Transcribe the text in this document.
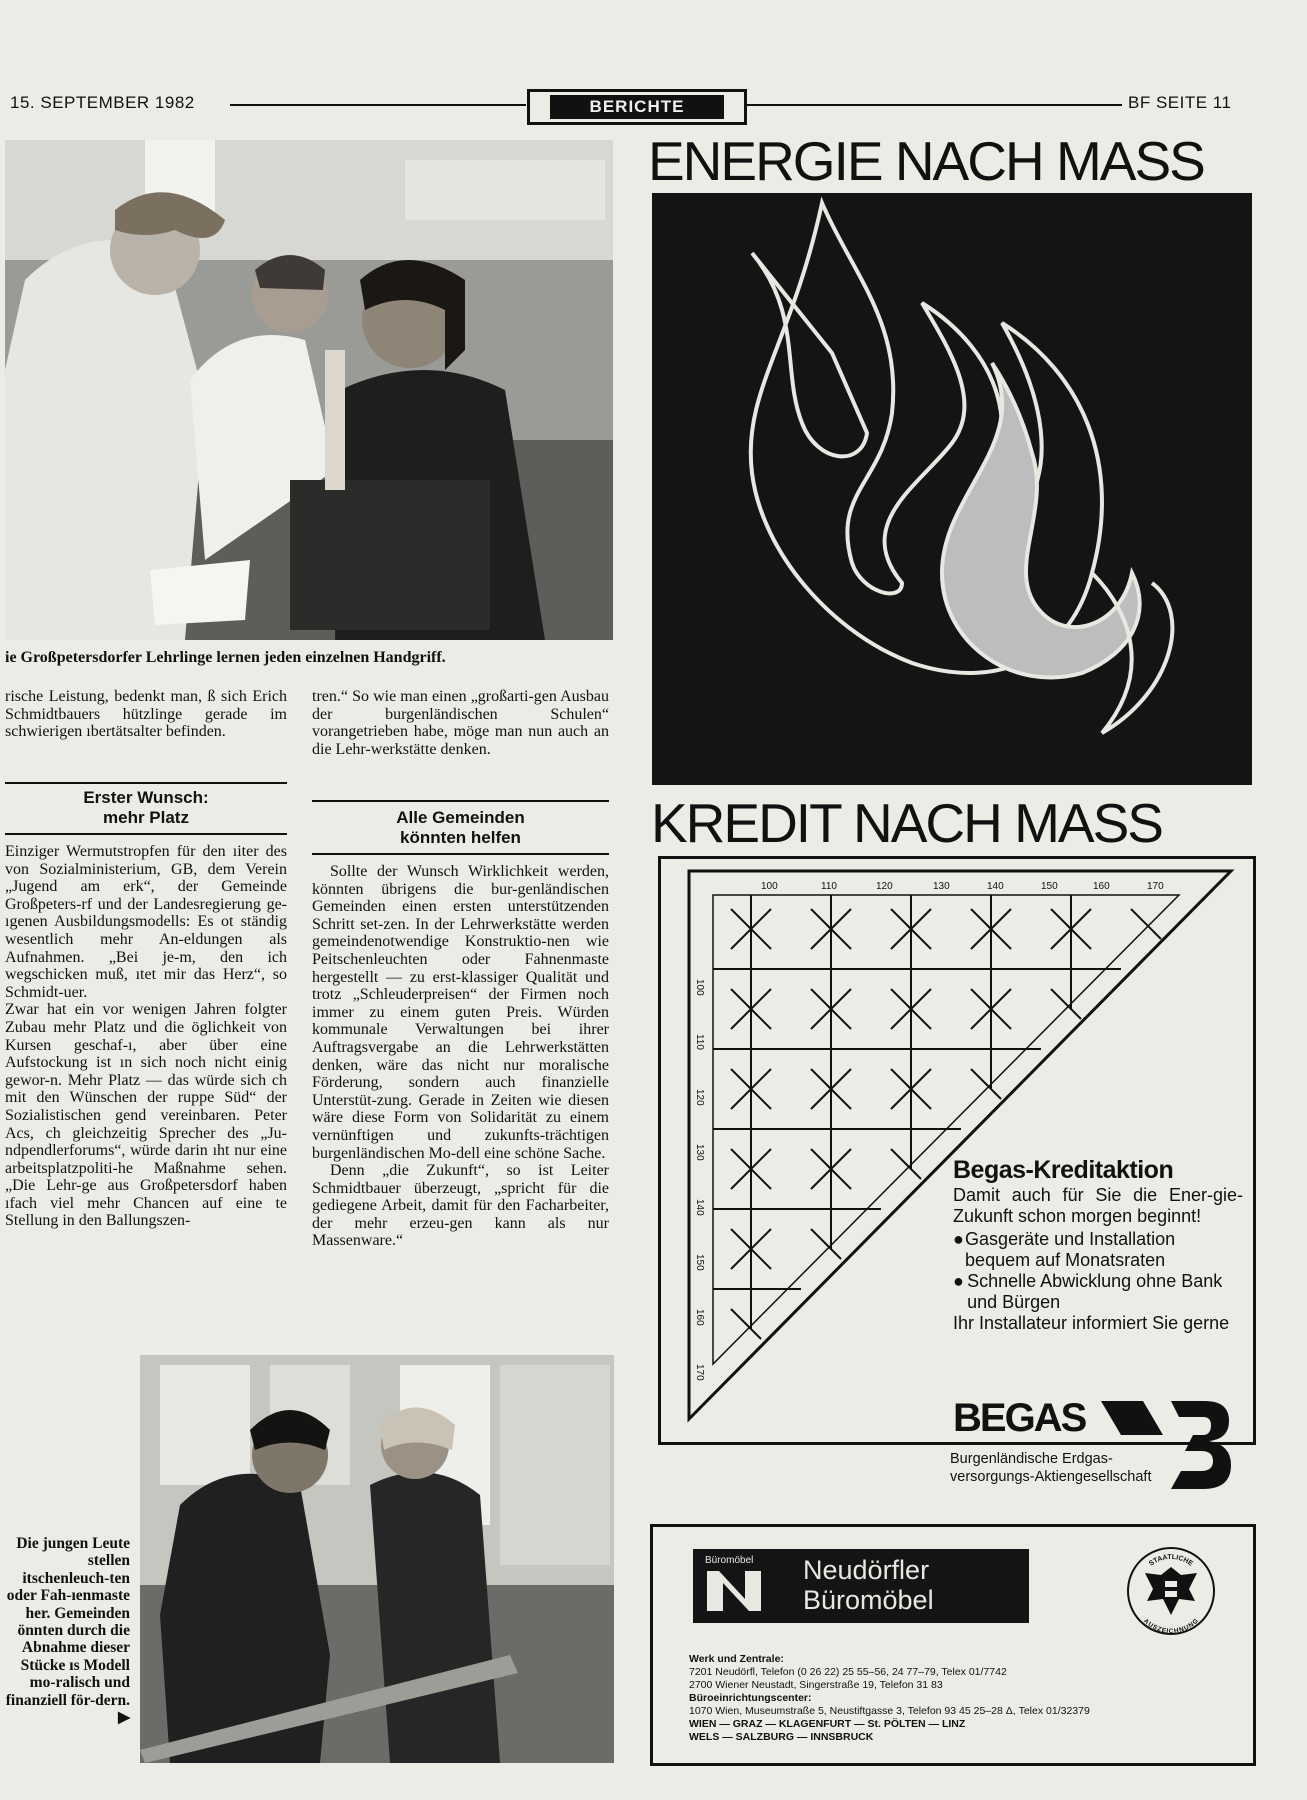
15. SEPTEMBER 1982	BERICHTE	BF SEITE 11
ie Großpetersdorfer Lehrlinge lernen jeden einzelnen Handgriff.

rische Leistung, bedenkt man, ß sich Erich Schmidtbauers hützlinge gerade im schwierigen ıbertätsalter befinden.

Erster Wunsch:
mehr Platz

Einziger Wermutstropfen für den ıiter des von Sozialministerium, GB, dem Verein „Jugend am erk“, der Gemeinde Großpeters-rf und der Landesregierung ge-ıgenen Ausbildungsmodells: Es ot ständig wesentlich mehr An-eldungen als Aufnahmen. „Bei je-m, den ich wegschicken muß, ıtet mir das Herz“, so Schmidt-uer.

Zwar hat ein vor wenigen Jahren folgter Zubau mehr Platz und die öglichkeit von Kursen geschaf-ı, aber über eine Aufstockung ist ın sich noch nicht einig gewor-n. Mehr Platz — das würde sich ch mit den Wünschen der ruppe Süd“ der Sozialistischen gend vereinbaren. Peter Acs, ch gleichzeitig Sprecher des „Ju-ndpendlerforums“, würde darin ıht nur eine arbeitsplatzpoliti-he Maßnahme sehen. „Die Lehr-ge aus Großpetersdorf haben ıfach viel mehr Chancen auf eine te Stellung in den Ballungszen-

tren.“ So wie man einen „großarti-gen Ausbau der burgenländischen Schulen“ vorangetrieben habe, möge man nun auch an die Lehr-werkstätte denken.

Alle Gemeinden
könnten helfen

Sollte der Wunsch Wirklichkeit werden, könnten übrigens die bur-genländischen Gemeinden einen ersten unterstützenden Schritt set-zen. In der Lehrwerkstätte werden gemeindenotwendige Konstruktio-nen wie Peitschenleuchten oder Fahnenmaste hergestellt — zu erst-klassiger Qualität und trotz „Schleuderpreisen“ der Firmen noch immer zu einem guten Preis. Würden kommunale Verwaltungen bei ihrer Auftragsvergabe an die Lehrwerkstätten denken, wäre das nicht nur moralische Förderung, sondern auch finanzielle Unterstüt-zung. Gerade in Zeiten wie diesen wäre diese Form von Solidarität zu einem vernünftigen und zukunfts-trächtigen burgenländischen Mo-dell eine schöne Sache.

Denn „die Zukunft“, so ist Leiter Schmidtbauer überzeugt, „spricht für die gediegene Arbeit, damit für den Facharbeiter, der mehr erzeu-gen kann als nur Massenware.“

Die jungen Leute stellen itschenleuch-ten oder Fah-ıenmaste her. Gemeinden önnten durch die Abnahme dieser Stücke ıs Modell mo-ralisch und finanziell för-dern. ▶
ENERGIE NACH MASS
KREDIT NACH MASS
100	110	120	130	140	150	160	170
100
110
120
130
140
150
160
170
Begas-Kreditaktion
Damit auch für Sie die Ener-gie-Zukunft schon morgen beginnt!
● Gasgeräte und Installation bequem auf Monatsraten
● Schnelle Abwicklung ohne Bank und Bürgen
Ihr Installateur informiert Sie gerne
BEGAS
Burgenländische Erdgas-
versorgungs-Aktiengesellschaft
Büromöbel Neudörfler
Büromöbel
STAATLICHE
AUSZEICHNUNG
Werk und Zentrale:
7201 Neudörfl, Telefon (0 26 22) 25 55–56, 24 77–79, Telex 01/7742
2700 Wiener Neustadt, Singerstraße 19, Telefon 31 83
Büroeinrichtungscenter:
1070 Wien, Museumstraße 5, Neustiftgasse 3, Telefon 93 45 25–28 Δ, Telex 01/32379
WIEN — GRAZ — KLAGENFURT — St. PÖLTEN — LINZ
WELS — SALZBURG — INNSBRUCK
